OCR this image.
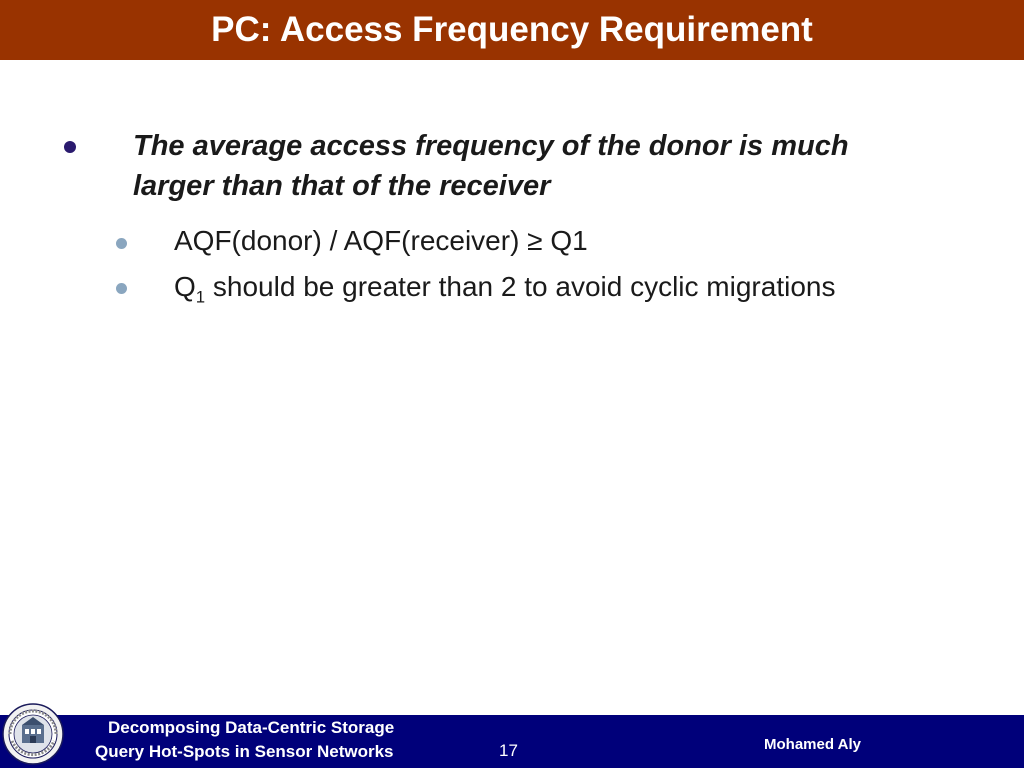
PC: Access Frequency Requirement
The average access frequency of the donor is much larger than that of the receiver
AQF(donor) / AQF(receiver) ≥ Q1
$Q_1$ should be greater than 2 to avoid cyclic migrations
Decomposing Data-Centric Storage
Query Hot-Spots in Sensor Networks	17	Mohamed Aly
